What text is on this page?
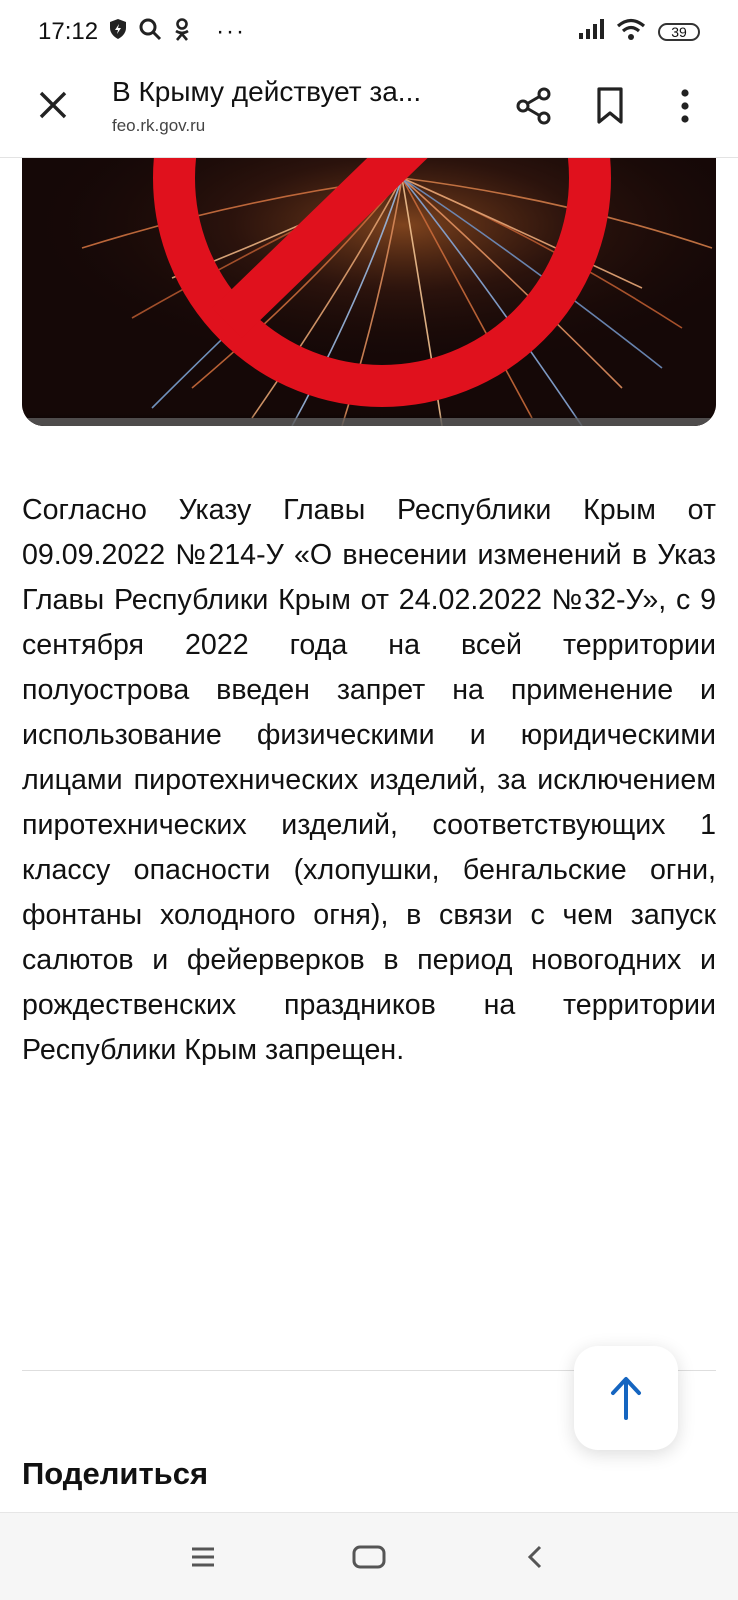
17:12	···	39
В Крыму действует за...
feo.rk.gov.ru
Согласно Указу Главы Республики Крым от 09.09.2022 №214-У «О внесении изменений в Указ Главы Республики Крым от 24.02.2022 №32-У», с 9 сентября 2022 года на всей территории полуострова введен запрет на применение и использование физическими и юридическими лицами пиротехнических изделий, за исключением пиротехнических изделий, соответствующих 1 классу опасности (хлопушки, бенгальские огни, фонтаны холодного огня), в связи с чем запуск салютов и фейерверков в период новогодних и рождественских праздников на территории Республики Крым запрещен.
Поделиться
